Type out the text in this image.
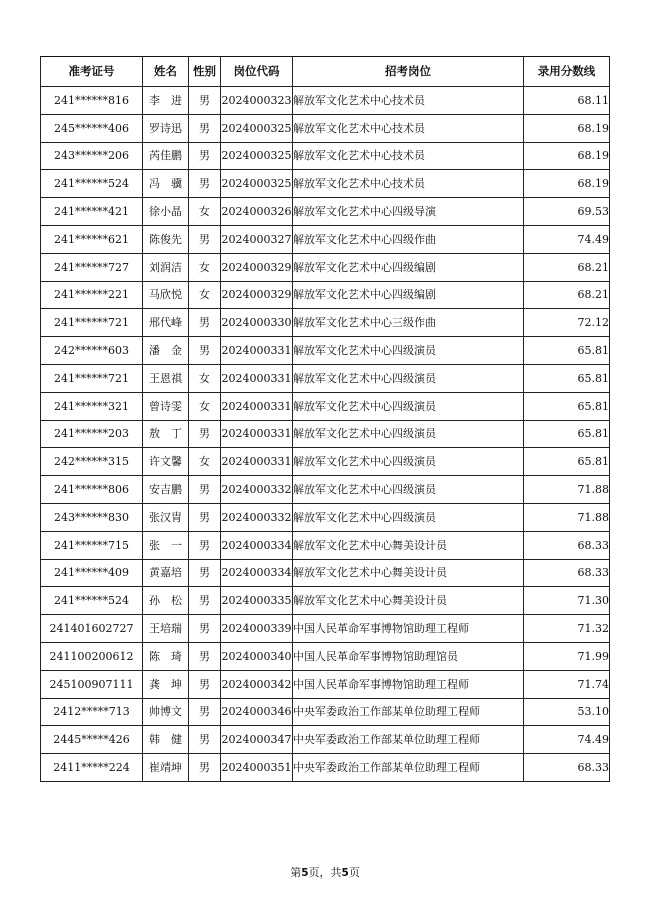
准考证号	姓名	性别	岗位代码	招考岗位	录用分数线
241******816	李　进	男	2024000323	解放军文化艺术中心技术员	68.11
245******406	罗诗迅	男	2024000325	解放军文化艺术中心技术员	68.19
243******206	芮佳鹏	男	2024000325	解放军文化艺术中心技术员	68.19
241******524	冯　骥	男	2024000325	解放军文化艺术中心技术员	68.19
241******421	徐小晶	女	2024000326	解放军文化艺术中心四级导演	69.53
241******621	陈俊先	男	2024000327	解放军文化艺术中心四级作曲	74.49
241******727	刘润洁	女	2024000329	解放军文化艺术中心四级编剧	68.21
241******221	马欣悦	女	2024000329	解放军文化艺术中心四级编剧	68.21
241******721	邢代峰	男	2024000330	解放军文化艺术中心三级作曲	72.12
242******603	潘　金	男	2024000331	解放军文化艺术中心四级演员	65.81
241******721	王恩祺	女	2024000331	解放军文化艺术中心四级演员	65.81
241******321	曾诗雯	女	2024000331	解放军文化艺术中心四级演员	65.81
241******203	敖　丁	男	2024000331	解放军文化艺术中心四级演员	65.81
242******315	许文馨	女	2024000331	解放军文化艺术中心四级演员	65.81
241******806	安吉鹏	男	2024000332	解放军文化艺术中心四级演员	71.88
243******830	张汉胄	男	2024000332	解放军文化艺术中心四级演员	71.88
241******715	张　一	男	2024000334	解放军文化艺术中心舞美设计员	68.33
241******409	黄嘉培	男	2024000334	解放军文化艺术中心舞美设计员	68.33
241******524	孙　松	男	2024000335	解放军文化艺术中心舞美设计员	71.30
241401602727	王培瑞	男	2024000339	中国人民革命军事博物馆助理工程师	71.32
241100200612	陈　琦	男	2024000340	中国人民革命军事博物馆助理馆员	71.99
245100907111	龚　坤	男	2024000342	中国人民革命军事博物馆助理工程师	71.74
2412*****713	帅博文	男	2024000346	中央军委政治工作部某单位助理工程师	53.10
2445*****426	韩　健	男	2024000347	中央军委政治工作部某单位助理工程师	74.49
2411*****224	崔靖坤	男	2024000351	中央军委政治工作部某单位助理工程师	68.33
第5页，共5页
